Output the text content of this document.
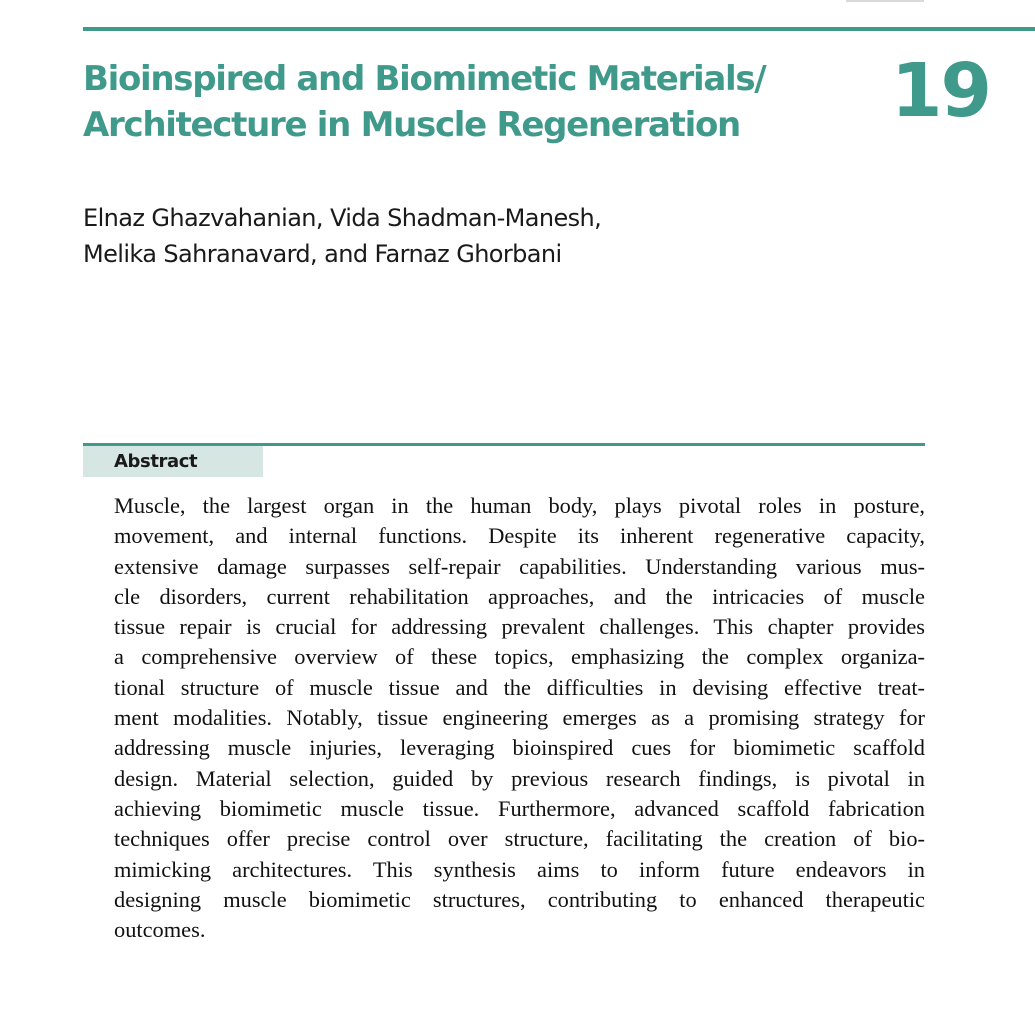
Bioinspired and Biomimetic Materials/
Architecture in Muscle Regeneration	19
Elnaz Ghazvahanian, Vida Shadman-Manesh,
Melika Sahranavard, and Farnaz Ghorbani
Abstract

Muscle, the largest organ in the human body, plays pivotal roles in posture,
movement, and internal functions. Despite its inherent regenerative capacity,
extensive damage surpasses self-repair capabilities. Understanding various mus-
cle disorders, current rehabilitation approaches, and the intricacies of muscle
tissue repair is crucial for addressing prevalent challenges. This chapter provides
a comprehensive overview of these topics, emphasizing the complex organiza-
tional structure of muscle tissue and the difficulties in devising effective treat-
ment modalities. Notably, tissue engineering emerges as a promising strategy for
addressing muscle injuries, leveraging bioinspired cues for biomimetic scaffold
design. Material selection, guided by previous research findings, is pivotal in
achieving biomimetic muscle tissue. Furthermore, advanced scaffold fabrication
techniques offer precise control over structure, facilitating the creation of bio-
mimicking architectures. This synthesis aims to inform future endeavors in
designing muscle biomimetic structures, contributing to enhanced therapeutic
outcomes.
